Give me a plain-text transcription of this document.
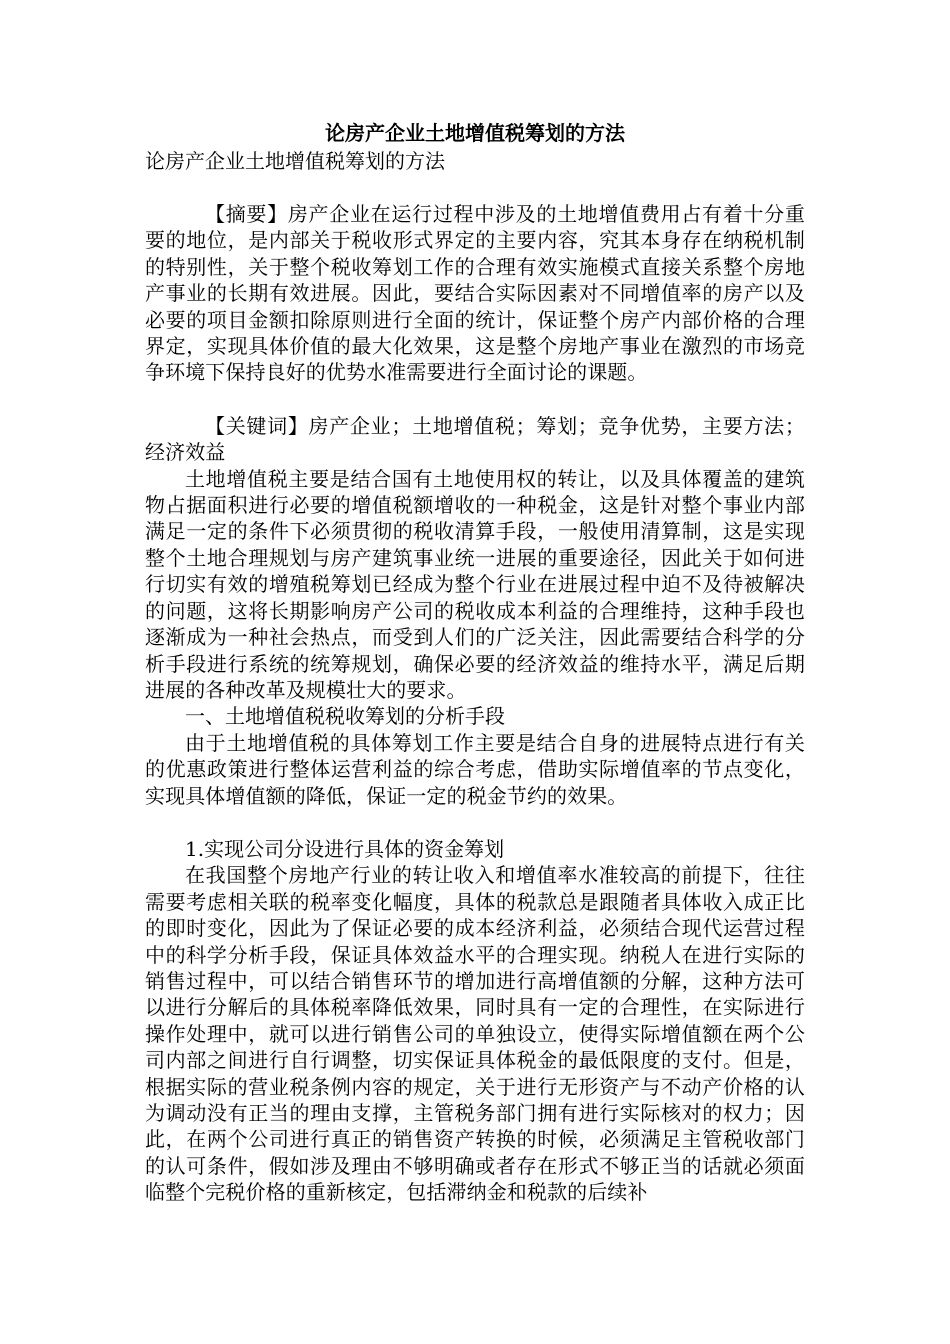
论房产企业土地增值税筹划的方法

论房产企业土地增值税筹划的方法

【摘要】房产企业在运行过程中涉及的土地增值费用占有着十分重要的地位，是内部关于税收形式界定的主要内容，究其本身存在纳税机制的特别性，关于整个税收筹划工作的合理有效实施模式直接关系整个房地产事业的长期有效进展。因此，要结合实际因素对不同增值率的房产以及必要的项目金额扣除原则进行全面的统计，保证整个房产内部价格的合理界定，实现具体价值的最大化效果，这是整个房地产事业在激烈的市场竞争环境下保持良好的优势水准需要进行全面讨论的课题。

【关键词】房产企业；土地增值税；筹划；竞争优势，主要方法；经济效益

土地增值税主要是结合国有土地使用权的转让，以及具体覆盖的建筑物占据面积进行必要的增值税额增收的一种税金，这是针对整个事业内部满足一定的条件下必须贯彻的税收清算手段，一般使用清算制，这是实现整个土地合理规划与房产建筑事业统一进展的重要途径，因此关于如何进行切实有效的增殖税筹划已经成为整个行业在进展过程中迫不及待被解决的问题，这将长期影响房产公司的税收成本利益的合理维持，这种手段也逐渐成为一种社会热点，而受到人们的广泛关注，因此需要结合科学的分析手段进行系统的统筹规划，确保必要的经济效益的维持水平，满足后期进展的各种改革及规模壮大的要求。

一、土地增值税税收筹划的分析手段

由于土地增值税的具体筹划工作主要是结合自身的进展特点进行有关的优惠政策进行整体运营利益的综合考虑，借助实际增值率的节点变化，实现具体增值额的降低，保证一定的税金节约的效果。

1.实现公司分设进行具体的资金筹划

在我国整个房地产行业的转让收入和增值率水准较高的前提下，往往需要考虑相关联的税率变化幅度，具体的税款总是跟随者具体收入成正比的即时变化，因此为了保证必要的成本经济利益，必须结合现代运营过程中的科学分析手段，保证具体效益水平的合理实现。纳税人在进行实际的销售过程中，可以结合销售环节的增加进行高增值额的分解，这种方法可以进行分解后的具体税率降低效果，同时具有一定的合理性，在实际进行操作处理中，就可以进行销售公司的单独设立，使得实际增值额在两个公司内部之间进行自行调整，切实保证具体税金的最低限度的支付。但是，根据实际的营业税条例内容的规定，关于进行无形资产与不动产价格的认为调动没有正当的理由支撑，主管税务部门拥有进行实际核对的权力；因此，在两个公司进行真正的销售资产转换的时候，必须满足主管税收部门的认可条件，假如涉及理由不够明确或者存在形式不够正当的话就必须面临整个完税价格的重新核定，包括滞纳金和税款的后续补
